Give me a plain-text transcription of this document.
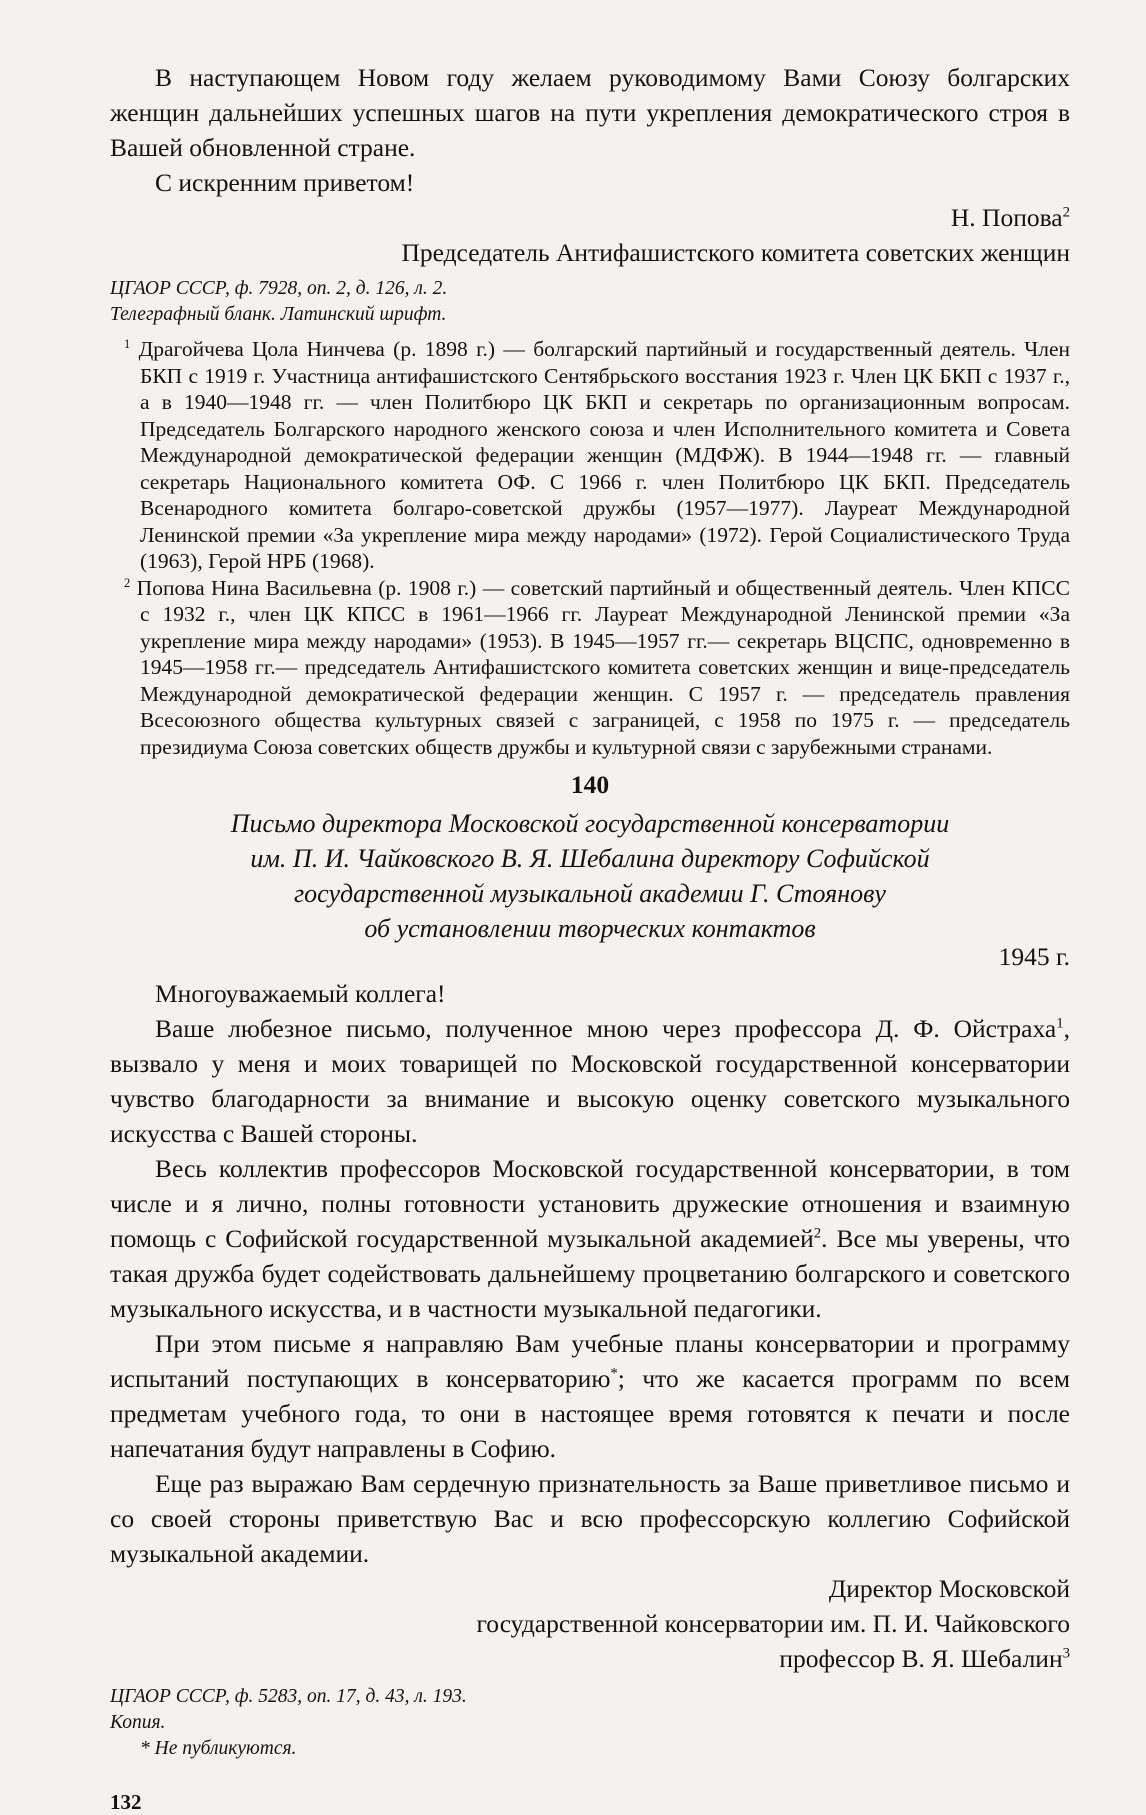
В наступающем Новом году желаем руководимому Вами Союзу болгарских женщин дальнейших успешных шагов на пути укрепления демократического строя в Вашей обновленной стране.

С искренним приветом!

Н. Попова$^2$

Председатель Антифашистского комитета советских женщин

ЦГАОР СССР, ф. 7928, оп. 2, д. 126, л. 2.

Телеграфный бланк. Латинский шрифт.

$^1$ Драгойчева Цола Нинчева (р. 1898 г.) — болгарский партийный и государственный деятель. Член БКП с 1919 г. Участница антифашистского Сентябрьского восстания 1923 г. Член ЦК БКП с 1937 г., а в 1940—1948 гг. — член Политбюро ЦК БКП и секретарь по организационным вопросам. Председатель Болгарского народного женского союза и член Исполнительного комитета и Совета Международной демократической федерации женщин (МДФЖ). В 1944—1948 гг. — главный секретарь Национального комитета ОФ. С 1966 г. член Политбюро ЦК БКП. Председатель Всенародного комитета болгаро-советской дружбы (1957—1977). Лауреат Международной Ленинской премии «За укрепление мира между народами» (1972). Герой Социалистического Труда (1963), Герой НРБ (1968).

$^2$ Попова Нина Васильевна (р. 1908 г.) — советский партийный и общественный деятель. Член КПСС с 1932 г., член ЦК КПСС в 1961—1966 гг. Лауреат Международной Ленинской премии «За укрепление мира между народами» (1953). В 1945—1957 гг.— секретарь ВЦСПС, одновременно в 1945—1958 гг.— председатель Антифашистского комитета советских женщин и вице-председатель Международной демократической федерации женщин. С 1957 г. — председатель правления Всесоюзного общества культурных связей с заграницей, с 1958 по 1975 г. — председатель президиума Союза советских обществ дружбы и культурной связи с зарубежными странами.

140

Письмо директора Московской государственной консерватории

им. П. И. Чайковского В. Я. Шебалина директору Софийской

государственной музыкальной академии Г. Стоянову

об установлении творческих контактов

1945 г.

Многоуважаемый коллега!

Ваше любезное письмо, полученное мною через профессора Д. Ф. Ойстраха$^1$, вызвало у меня и моих товарищей по Московской государственной консерватории чувство благодарности за внимание и высокую оценку советского музыкального искусства с Вашей стороны.

Весь коллектив профессоров Московской государственной консерватории, в том числе и я лично, полны готовности установить дружеские отношения и взаимную помощь с Софийской государственной музыкальной академией$^2$. Все мы уверены, что такая дружба будет содействовать дальнейшему процветанию болгарского и советского музыкального искусства, и в частности музыкальной педагогики.

При этом письме я направляю Вам учебные планы консерватории и программу испытаний поступающих в консерваторию*; что же касается программ по всем предметам учебного года, то они в настоящее время готовятся к печати и после напечатания будут направлены в Софию.

Еще раз выражаю Вам сердечную признательность за Ваше приветливое письмо и со своей стороны приветствую Вас и всю профессорскую коллегию Софийской музыкальной академии.

Директор Московской

государственной консерватории им. П. И. Чайковского

профессор В. Я. Шебалин$^3$

ЦГАОР СССР, ф. 5283, оп. 17, д. 43, л. 193.

Копия.

* Не публикуются.

132
